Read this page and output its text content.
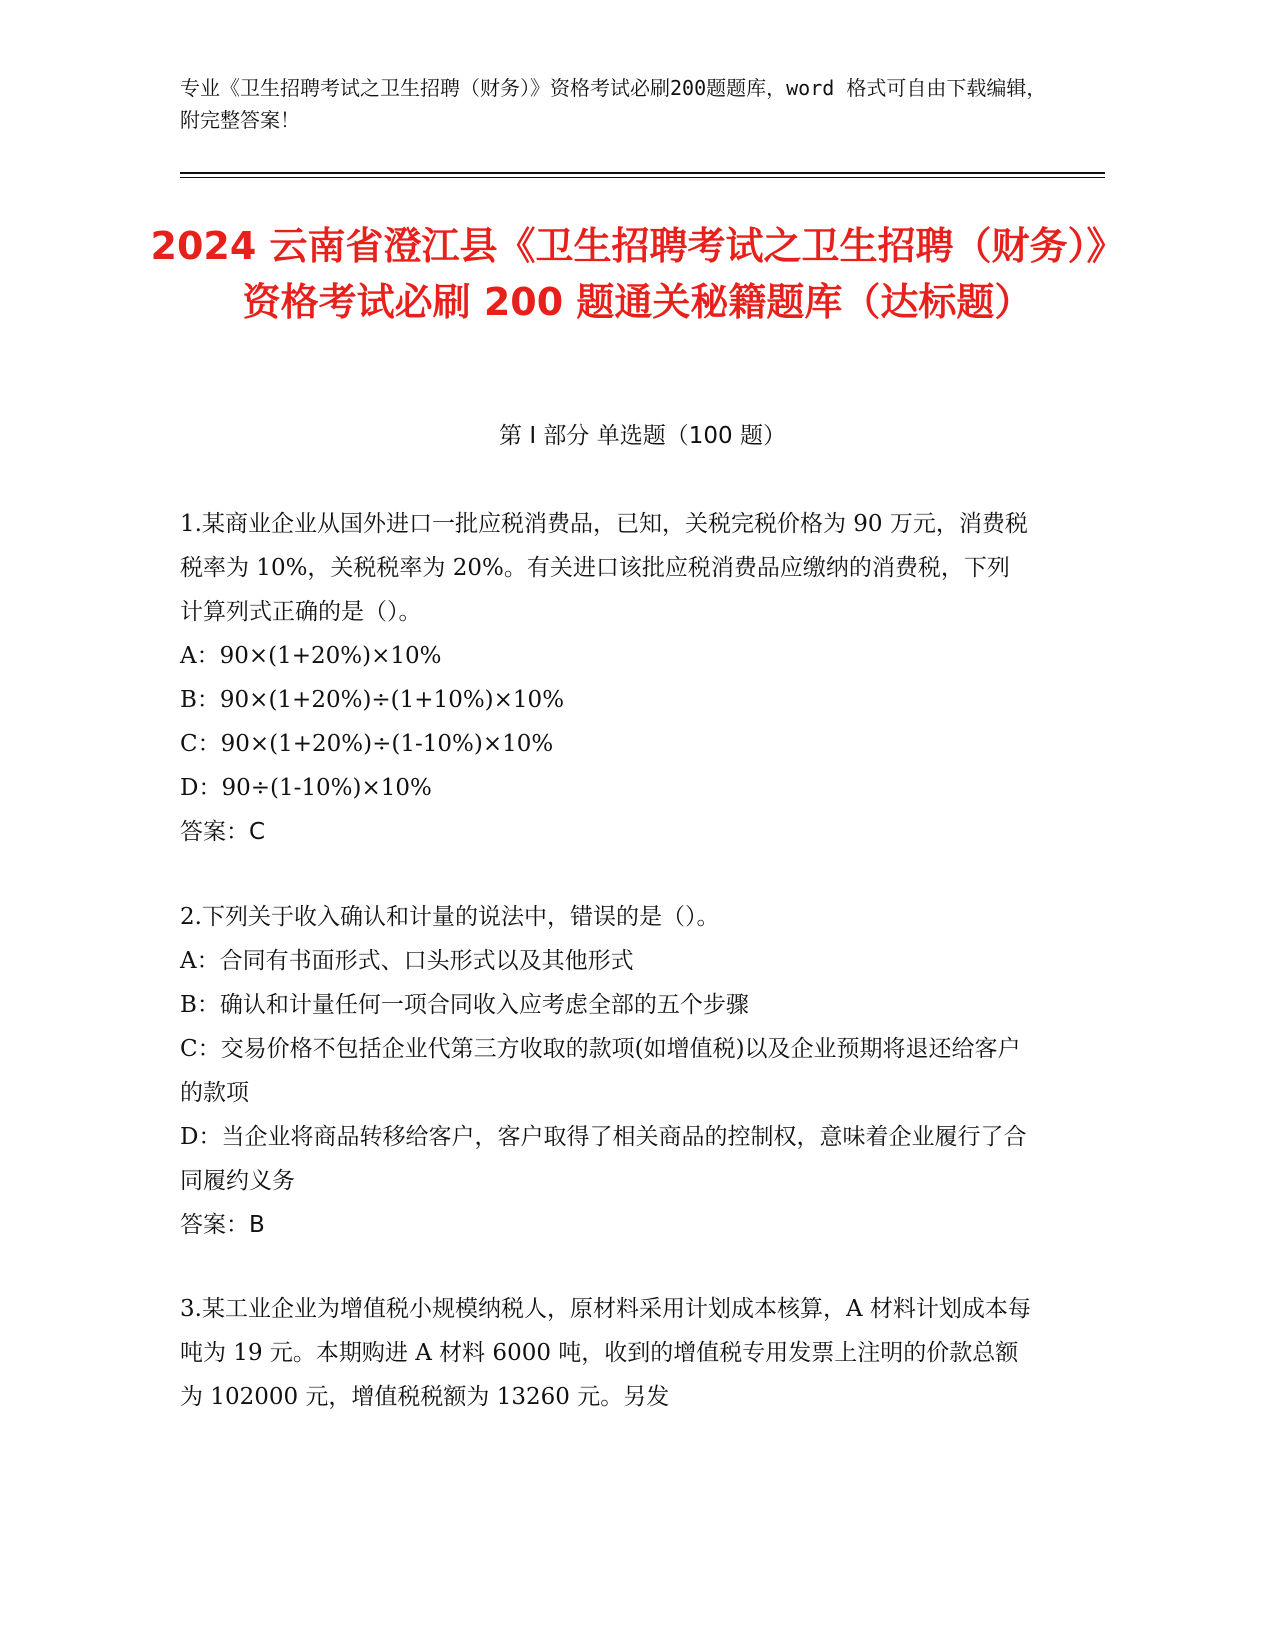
专业《卫生招聘考试之卫生招聘（财务）》资格考试必刷200题题库，word 格式可自由下载编辑，附完整答案！
2024 云南省澄江县《卫生招聘考试之卫生招聘（财务）》资格考试必刷 200 题通关秘籍题库（达标题）
第 I 部分 单选题（100 题）
1.某商业企业从国外进口一批应税消费品，已知，关税完税价格为 90 万元，消费税税率为 10%，关税税率为 20%。有关进口该批应税消费品应缴纳的消费税，下列计算列式正确的是（）。
A：90×(1+20%)×10%
B：90×(1+20%)÷(1+10%)×10%
C：90×(1+20%)÷(1-10%)×10%
D：90÷(1-10%)×10%
答案：C
2.下列关于收入确认和计量的说法中，错误的是（）。
A：合同有书面形式、口头形式以及其他形式
B：确认和计量任何一项合同收入应考虑全部的五个步骤
C：交易价格不包括企业代第三方收取的款项(如增值税)以及企业预期将退还给客户的款项
D：当企业将商品转移给客户，客户取得了相关商品的控制权，意味着企业履行了合同履约义务
答案：B
3.某工业企业为增值税小规模纳税人，原材料采用计划成本核算，A 材料计划成本每吨为 19 元。本期购进 A 材料 6000 吨，收到的增值税专用发票上注明的价款总额为 102000 元，增值税税额为 13260 元。另发
